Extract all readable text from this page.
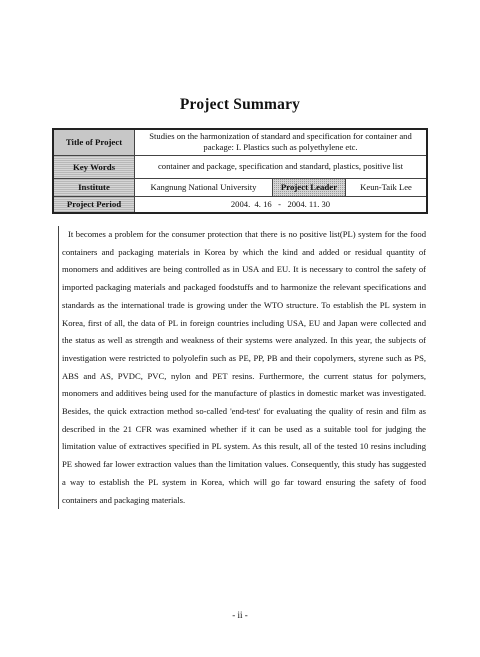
Project Summary
Title of Project	Studies on the harmonization of standard and specification for container and package: I. Plastics such as polyethylene etc.		
Key Words	container and package, specification and standard, plastics, positive list		
Institute	Kangnung National University	Project Leader	Keun-Taik Lee
Project Period	2004.  4. 16   -   2004. 11. 30		

It becomes a problem for the consumer protection that there is no positive list(PL) system for the food containers and packaging materials in Korea by which the kind and added or residual quantity of monomers and additives are being controlled as in USA and EU. It is necessary to control the safety of imported packaging materials and packaged foodstuffs and to harmonize the relevant specifications and standards as the international trade is growing under the WTO structure. To establish the PL system in Korea, first of all, the data of PL in foreign countries including USA, EU and Japan were collected and the status as well as strength and weakness of their systems were analyzed. In this year, the subjects of investigation were restricted to polyolefin such as PE, PP, PB and their copolymers, styrene such as PS, ABS and AS, PVDC, PVC, nylon and PET resins. Furthermore, the current status for polymers, monomers and additives being used for the manufacture of plastics in domestic market was investigated. Besides, the quick extraction method so-called 'end-test' for evaluating the quality of resin and film as described in the 21 CFR was examined whether if it can be used as a suitable tool for judging the limitation value of extractives specified in PL system. As this result, all of the tested 10 resins including PE showed far lower extraction values than the limitation values. Consequently, this study has suggested a way to establish the PL system in Korea, which will go far toward ensuring the safety of food containers and packaging materials.

- ii -
